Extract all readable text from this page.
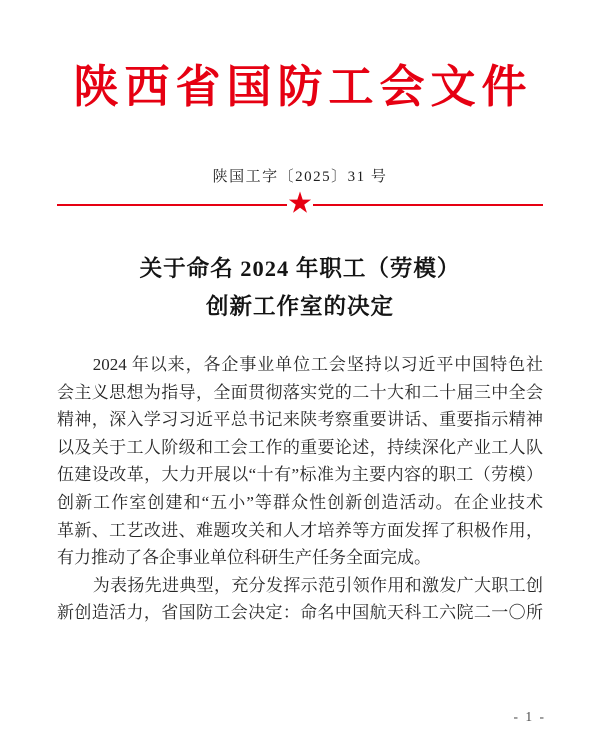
陕西省国防工会文件
陕国工字〔2025〕31 号
★
关于命名 2024 年职工（劳模）
创新工作室的决定
2024 年以来，各企事业单位工会坚持以习近平中国特色社
会主义思想为指导，全面贯彻落实党的二十大和二十届三中全会
精神，深入学习习近平总书记来陕考察重要讲话、重要指示精神
以及关于工人阶级和工会工作的重要论述，持续深化产业工人队
伍建设改革，大力开展以“十有”标准为主要内容的职工（劳模）
创新工作室创建和“五小”等群众性创新创造活动。在企业技术
革新、工艺改进、难题攻关和人才培养等方面发挥了积极作用，
有力推动了各企事业单位科研生产任务全面完成。
为表扬先进典型，充分发挥示范引领作用和激发广大职工创
新创造活力，省国防工会决定：命名中国航天科工六院二一〇所
- 1 -
